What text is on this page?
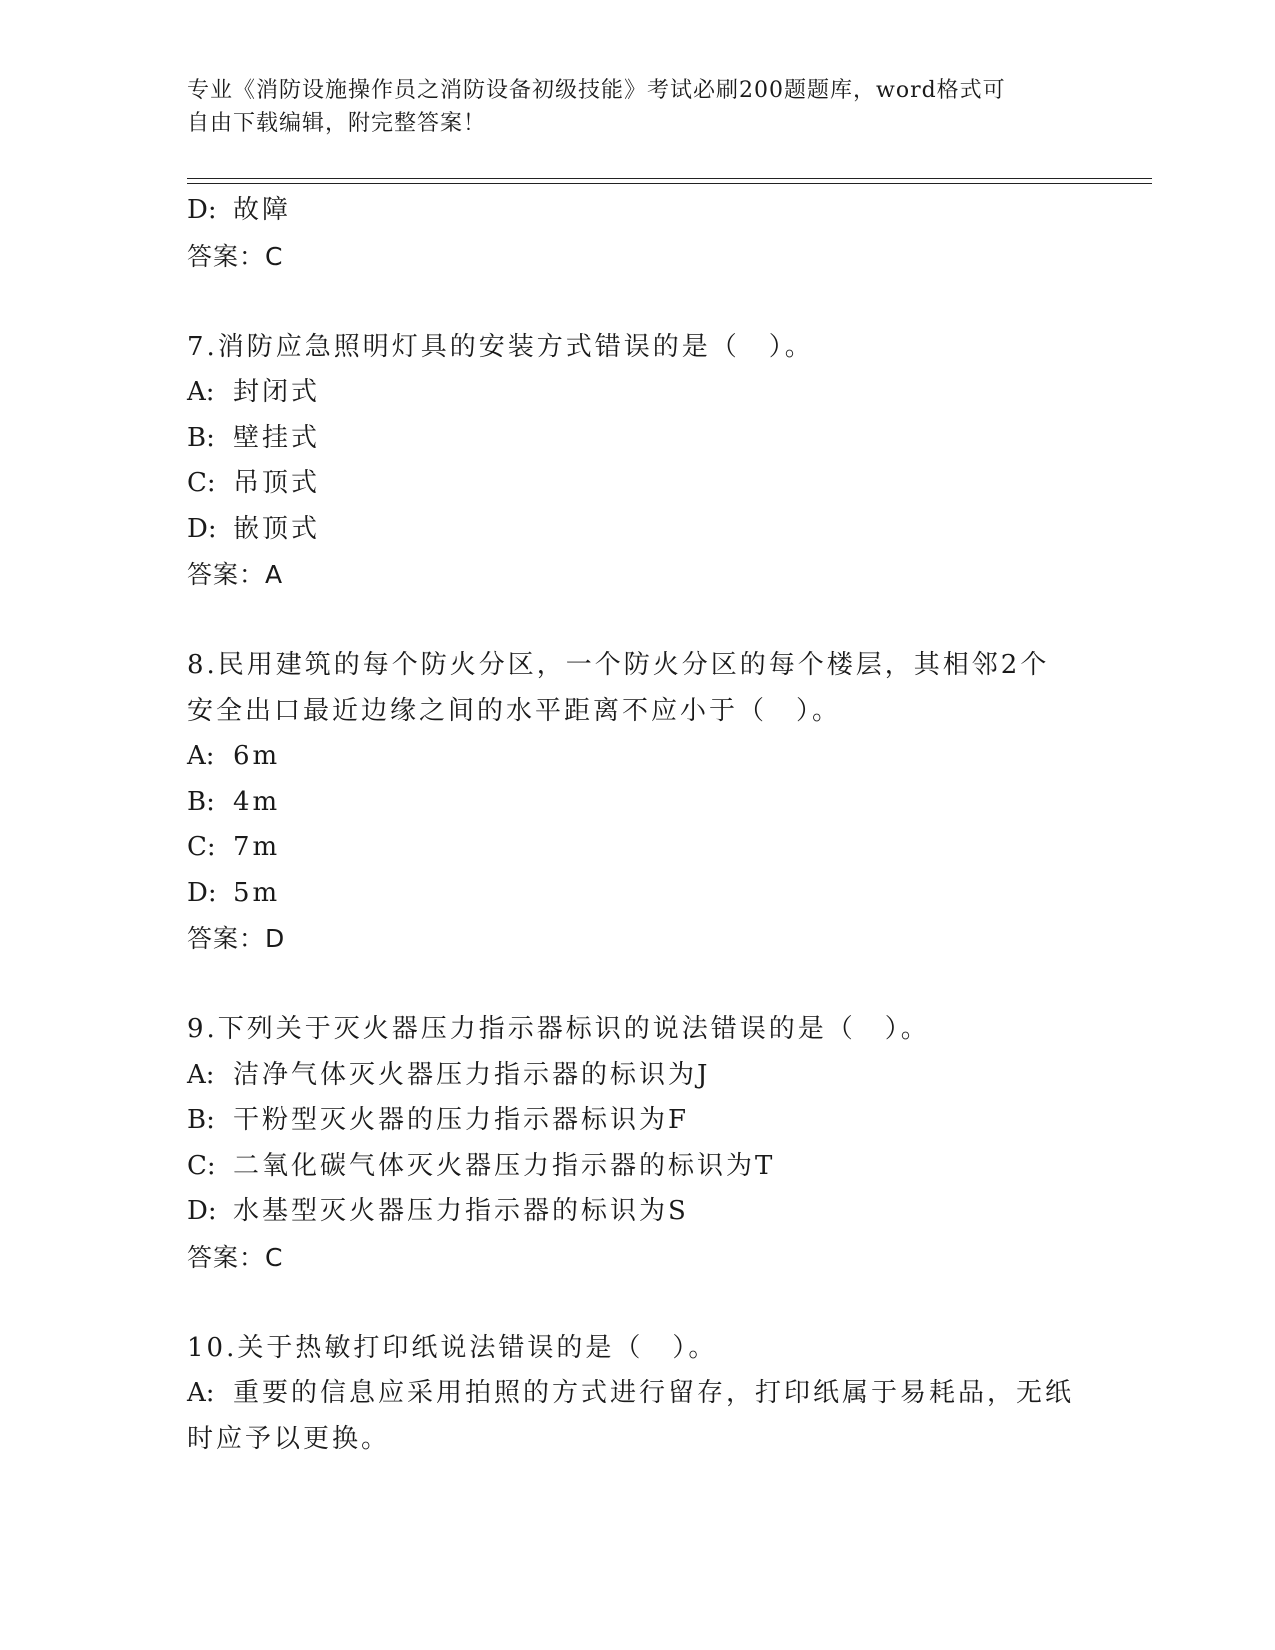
专业《消防设施操作员之消防设备初级技能》考试必刷200题题库，word格式可
自由下载编辑，附完整答案！
D: 故障
答案：C
7.消防应急照明灯具的安装方式错误的是（　）。
A: 封闭式
B: 壁挂式
C: 吊顶式
D: 嵌顶式
答案：A
8.民用建筑的每个防火分区，一个防火分区的每个楼层，其相邻2个
安全出口最近边缘之间的水平距离不应小于（　）。
A: 6m
B: 4m
C: 7m
D: 5m
答案：D
9.下列关于灭火器压力指示器标识的说法错误的是（　）。
A: 洁净气体灭火器压力指示器的标识为J
B: 干粉型灭火器的压力指示器标识为F
C: 二氧化碳气体灭火器压力指示器的标识为T
D: 水基型灭火器压力指示器的标识为S
答案：C
10.关于热敏打印纸说法错误的是（　）。
A: 重要的信息应采用拍照的方式进行留存，打印纸属于易耗品，无纸
时应予以更换。
